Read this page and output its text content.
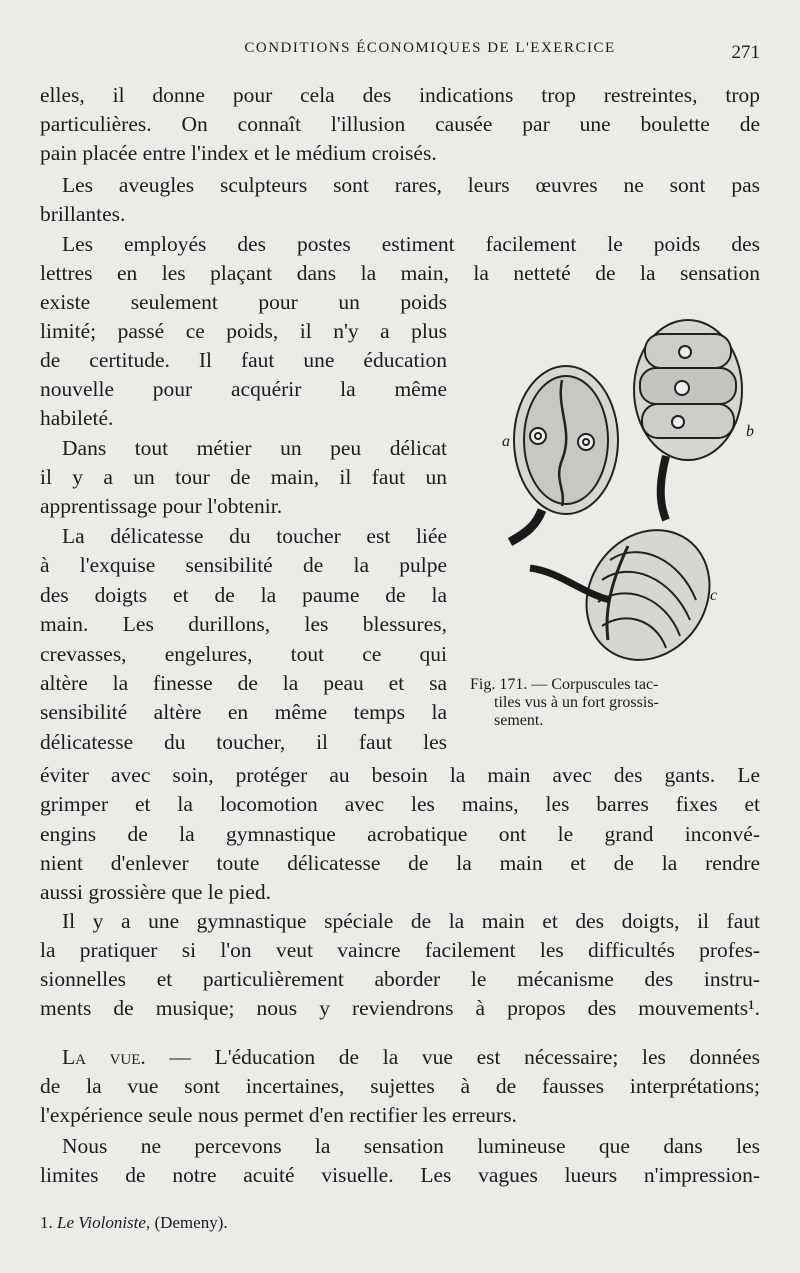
CONDITIONS ÉCONOMIQUES DE L'EXERCICE	271
elles, il donne pour cela des indications trop restreintes, trop
particulières. On connaît l'illusion causée par une boulette de
pain placée entre l'index et le médium croisés.
Les aveugles sculpteurs sont rares, leurs œuvres ne sont pas
brillantes.
Les employés des postes estiment facilement le poids des
lettres en les plaçant dans la main, la netteté de la sensation
existe seulement pour un poids
limité; passé ce poids, il n'y a plus
de certitude. Il faut une éducation
nouvelle pour acquérir la même
habileté.
Dans tout métier un peu délicat
il y a un tour de main, il faut un
apprentissage pour l'obtenir.
La délicatesse du toucher est liée
à l'exquise sensibilité de la pulpe
des doigts et de la paume de la
main. Les durillons, les blessures,
crevasses, engelures, tout ce qui
altère la finesse de la peau et sa
sensibilité altère en même temps la
délicatesse du toucher, il faut les
éviter avec soin, protéger au besoin la main avec des gants. Le
grimper et la locomotion avec les mains, les barres fixes et
engins de la gymnastique acrobatique ont le grand inconvé-
nient d'enlever toute délicatesse de la main et de la rendre
aussi grossière que le pied.
Il y a une gymnastique spéciale de la main et des doigts, il faut
la pratiquer si l'on veut vaincre facilement les difficultés profes-
sionnelles et particulièrement aborder le mécanisme des instru-
ments de musique; nous y reviendrons à propos des mouvements¹.
La vue. — L'éducation de la vue est nécessaire; les données
de la vue sont incertaines, sujettes à de fausses interprétations;
l'expérience seule nous permet d'en rectifier les erreurs.
Nous ne percevons la sensation lumineuse que dans les
limites de notre acuité visuelle. Les vagues lueurs n'impression-
1. Le Violoniste, (Demeny).
a
b
c
Fig. 171. — Corpuscules tac-
tiles vus à un fort grossis-
sement.
